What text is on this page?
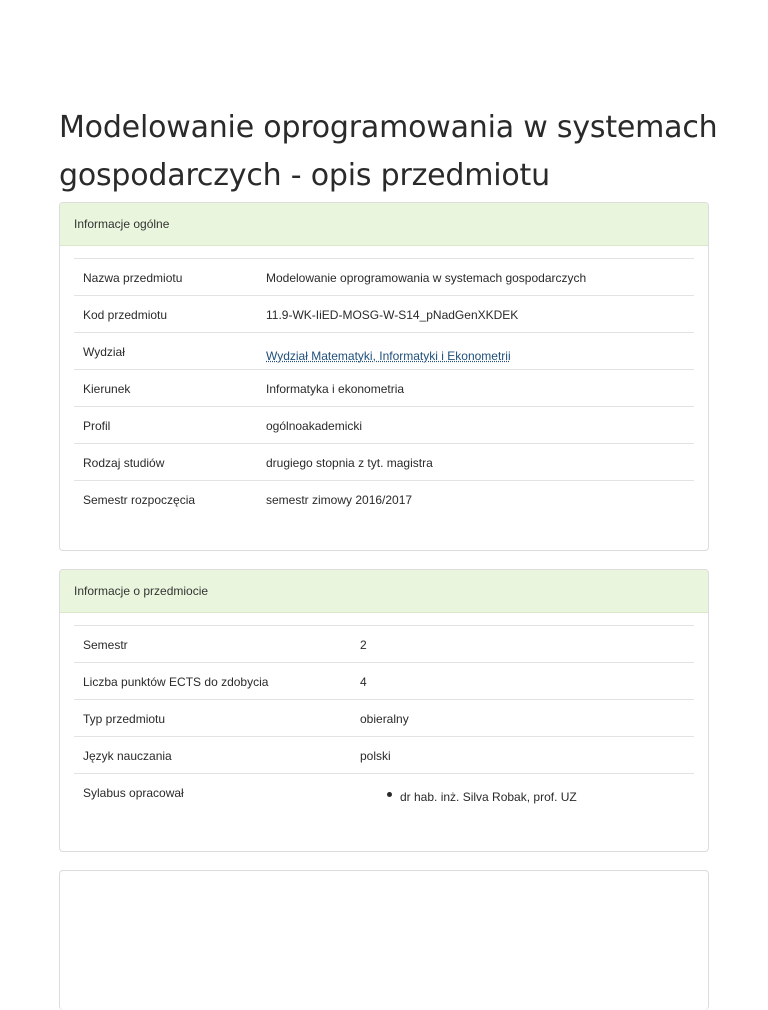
Modelowanie oprogramowania w systemach gospodarczych - opis przedmiotu
Informacje ogólne
Nazwa przedmiotu	Modelowanie oprogramowania w systemach gospodarczych
Kod przedmiotu	11.9-WK-IiED-MOSG-W-S14_pNadGenXKDEK
Wydział	Wydział Matematyki, Informatyki i Ekonometrii
Kierunek	Informatyka i ekonometria
Profil	ogólnoakademicki
Rodzaj studiów	drugiego stopnia z tyt. magistra
Semestr rozpoczęcia	semestr zimowy 2016/2017
Informacje o przedmiocie
Semestr	2
Liczba punktów ECTS do zdobycia	4
Typ przedmiotu	obieralny
Język nauczania	polski
Sylabus opracował	dr hab. inż. Silva Robak, prof. UZ
